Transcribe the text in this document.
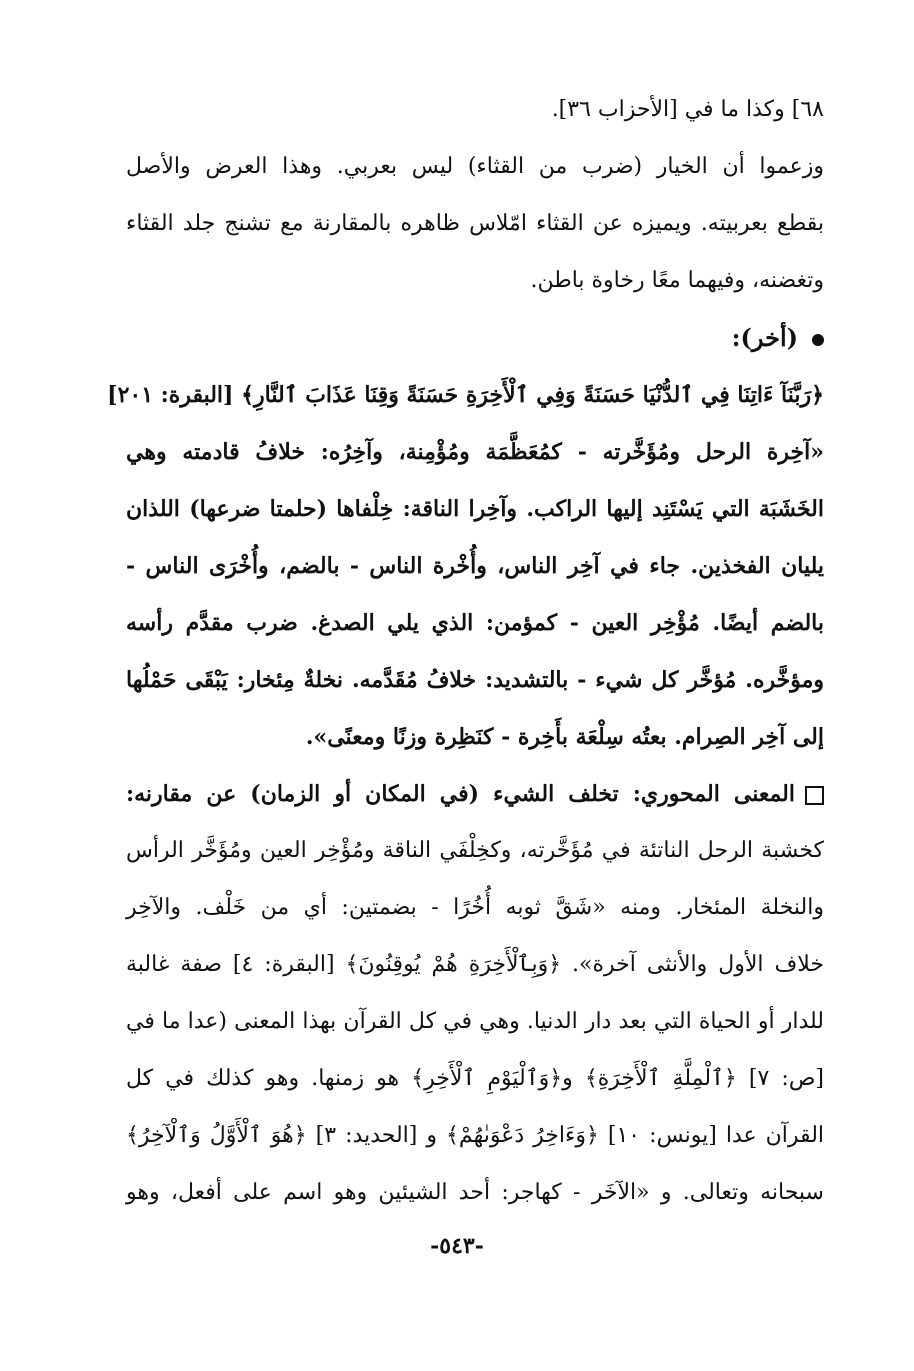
٦٨] وكذا ما في [الأحزاب ٣٦].
وزعموا أن الخيار (ضرب من القثاء) ليس بعربي. وهذا العرض والأصل
بقطع بعربيته. ويميزه عن القثاء امّلاس ظاهره بالمقارنة مع تشنج جلد القثاء
وتغضنه، وفيهما معًا رخاوة باطن.
(أخر):
﴿رَبَّنَآ ءَاتِنَا فِي ٱلدُّنْيَا حَسَنَةً وَفِي ٱلْأَخِرَةِ حَسَنَةً وَقِنَا عَذَابَ ٱلنَّارِ﴾ [البقرة: ٢٠١]
«آخِرة الرحل ومُؤَخَّرته - كمُعَظَّمَة ومُؤْمِنة، وآخِرُه: خلافُ قادمته وهي
الخَشَبَة التي يَسْتَنِد إليها الراكب. وآخِرا الناقة: خِلْفاها (حلمتا ضرعها) اللذان
يليان الفخذين. جاء في آخِر الناس، وأُخْرة الناس - بالضم، وأُخْرَى الناس -
بالضم أيضًا. مُؤْخِر العين - كمؤمن: الذي يلي الصدغ. ضرب مقدَّم رأسه
ومؤخَّره. مُؤخَّر كل شيء - بالتشديد: خلافُ مُقَدَّمه. نخلةٌ مِئخار: يَبْقَى حَمْلُها
إلى آخِر الصِرام. بعتُه سِلْعَة بأَخِرة - كنَظِرة وزنًا ومعنًى».
المعنى المحوري: تخلف الشيء (في المكان أو الزمان) عن مقارنه:
كخشبة الرحل الناتئة في مُؤَخَّرته، وكخِلْفَي الناقة ومُؤْخِر العين ومُؤَخَّر الرأس
والنخلة المئخار. ومنه «شَقَّ ثوبه أُخُرًا - بضمتين: أي من خَلْف. والآخِر
خلاف الأول والأنثى آخرة». ﴿وَبِٱلْأَخِرَةِ هُمْ يُوقِنُونَ﴾ [البقرة: ٤] صفة غالبة
للدار أو الحياة التي بعد دار الدنيا. وهي في كل القرآن بهذا المعنى (عدا ما في
[ص: ٧] ﴿ٱلْمِلَّةِ ٱلْأَخِرَةِ﴾ و﴿وَٱلْيَوْمِ ٱلْأَخِرِ﴾ هو زمنها. وهو كذلك في كل
القرآن عدا [يونس: ١٠] ﴿وَءَاخِرُ دَعْوَىٰهُمْ﴾ و [الحديد: ٣] ﴿هُوَ ٱلْأَوَّلُ وَٱلْآخِرُ﴾
سبحانه وتعالى. و «الآخَر - كهاجر: أحد الشيئين وهو اسم على أفعل، وهو
-٥٤٣-
